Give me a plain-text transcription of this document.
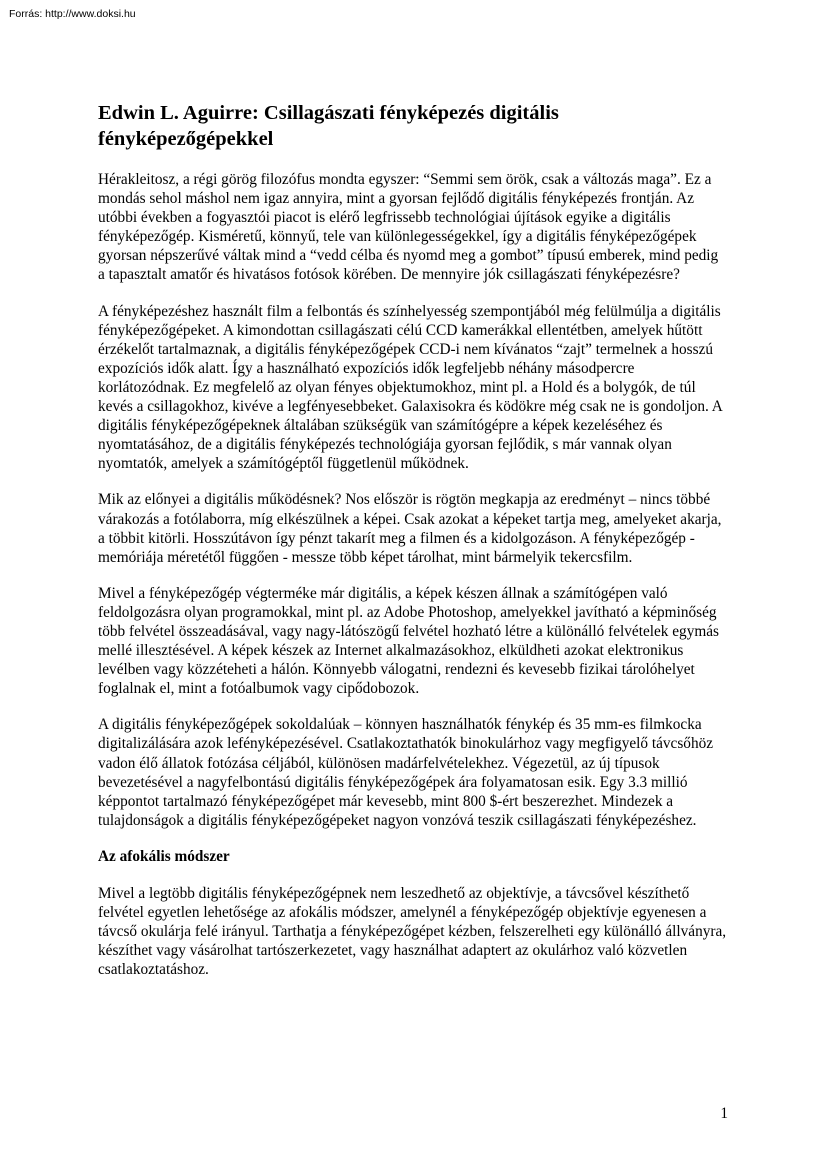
Forrás: http://www.doksi.hu
Edwin L. Aguirre: Csillagászati fényképezés digitális fényképezőgépekkel

Hérakleitosz, a régi görög filozófus mondta egyszer: “Semmi sem örök, csak a változás maga”. Ez a mondás sehol máshol nem igaz annyira, mint a gyorsan fejlődő digitális fényképezés frontján. Az utóbbi években a fogyasztói piacot is elérő legfrissebb technológiai újítások egyike a digitális fényképezőgép. Kisméretű, könnyű, tele van különlegességekkel, így a digitális fényképezőgépek gyorsan népszerűvé váltak mind a “vedd célba és nyomd meg a gombot” típusú emberek, mind pedig a tapasztalt amatőr és hivatásos fotósok körében. De mennyire jók csillagászati fényképezésre?

A fényképezéshez használt film a felbontás és színhelyesség szempontjából még felülmúlja a digitális fényképezőgépeket. A kimondottan csillagászati célú CCD kamerákkal ellentétben, amelyek hűtött érzékelőt tartalmaznak, a digitális fényképezőgépek CCD-i nem kívánatos “zajt” termelnek a hosszú expozíciós idők alatt. Így a használható expozíciós idők legfeljebb néhány másodpercre korlátozódnak. Ez megfelelő az olyan fényes objektumokhoz, mint pl. a Hold és a bolygók, de túl kevés a csillagokhoz, kivéve a legfényesebbeket. Galaxisokra és ködökre még csak ne is gondoljon. A digitális fényképezőgépeknek általában szükségük van számítógépre a képek kezeléséhez és nyomtatásához, de a digitális fényképezés technológiája gyorsan fejlődik, s már vannak olyan nyomtatók, amelyek a számítógéptől függetlenül működnek.

Mik az előnyei a digitális működésnek? Nos először is rögtön megkapja az eredményt – nincs többé várakozás a fotólaborra, míg elkészülnek a képei. Csak azokat a képeket tartja meg, amelyeket akarja, a többit kitörli. Hosszútávon így pénzt takarít meg a filmen és a kidolgozáson. A fényképezőgép - memóriája méretétől függően - messze több képet tárolhat, mint bármelyik tekercsfilm.

Mivel a fényképezőgép végterméke már digitális, a képek készen állnak a számítógépen való feldolgozásra olyan programokkal, mint pl. az Adobe Photoshop, amelyekkel javítható a képminőség több felvétel összeadásával, vagy nagy-látószögű felvétel hozható létre a különálló felvételek egymás mellé illesztésével. A képek készek az Internet alkalmazásokhoz, elküldheti azokat elektronikus levélben vagy közzéteheti a hálón. Könnyebb válogatni, rendezni és kevesebb fizikai tárolóhelyet foglalnak el, mint a fotóalbumok vagy cipődobozok.

A digitális fényképezőgépek sokoldalúak – könnyen használhatók fénykép és 35 mm-es filmkocka digitalizálására azok lefényképezésével. Csatlakoztathatók binokulárhoz vagy megfigyelő távcsőhöz vadon élő állatok fotózása céljából, különösen madárfelvételekhez. Végezetül, az új típusok bevezetésével a nagyfelbontású digitális fényképezőgépek ára folyamatosan esik. Egy 3.3 millió képpontot tartalmazó fényképezőgépet már kevesebb, mint 800 $-ért beszerezhet. Mindezek a tulajdonságok a digitális fényképezőgépeket nagyon vonzóvá teszik csillagászati fényképezéshez.

Az afokális módszer

Mivel a legtöbb digitális fényképezőgépnek nem leszedhető az objektívje, a távcsővel készíthető felvétel egyetlen lehetősége az afokális módszer, amelynél a fényképezőgép objektívje egyenesen a távcső okulárja felé irányul. Tarthatja a fényképezőgépet kézben, felszerelheti egy különálló állványra, készíthet vagy vásárolhat tartószerkezetet, vagy használhat adaptert az okulárhoz való közvetlen csatlakoztatáshoz.

1
